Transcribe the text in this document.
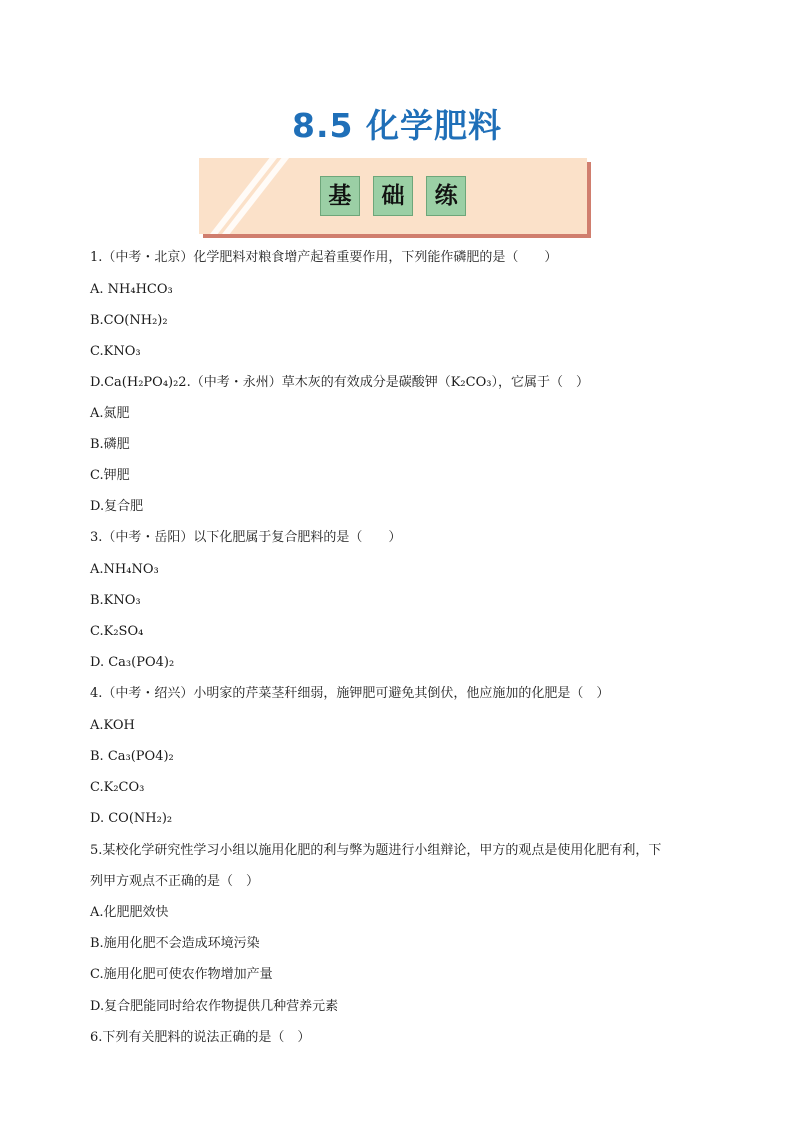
8.5 化学肥料
基 础 练
1.（中考・北京）化学肥料对粮食增产起着重要作用，下列能作磷肥的是（　　）
A. NH₄HCO₃
B.CO(NH₂)₂
C.KNO₃
D.Ca(H₂PO₄)₂2.（中考・永州）草木灰的有效成分是碳酸钾（K₂CO₃），它属于（　）
A.氮肥
B.磷肥
C.钾肥
D.复合肥
3.（中考・岳阳）以下化肥属于复合肥料的是（　　）
A.NH₄NO₃
B.KNO₃
C.K₂SO₄
D. Ca₃(PO4)₂
4.（中考・绍兴）小明家的芹菜茎秆细弱，施钾肥可避免其倒伏，他应施加的化肥是（　）
A.KOH
B. Ca₃(PO4)₂
C.K₂CO₃
D. CO(NH₂)₂
5.某校化学研究性学习小组以施用化肥的利与弊为题进行小组辩论，甲方的观点是使用化肥有利，下
列甲方观点不正确的是（　）
A.化肥肥效快
B.施用化肥不会造成环境污染
C.施用化肥可使农作物增加产量
D.复合肥能同时给农作物提供几种营养元素
6.下列有关肥料的说法正确的是（　）
